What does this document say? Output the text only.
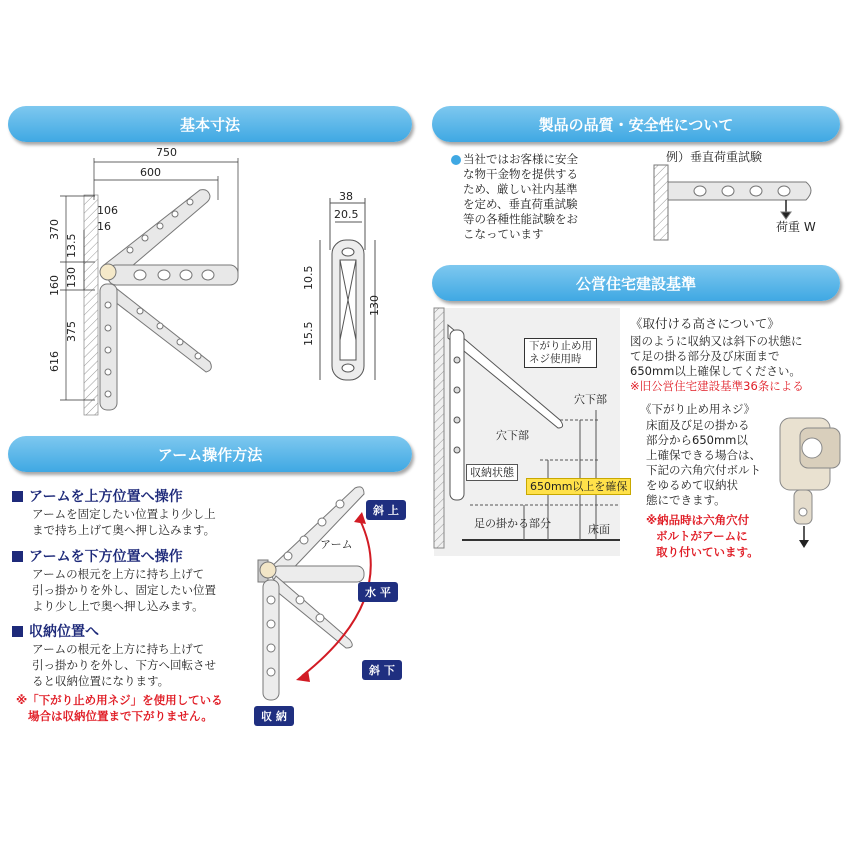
基本寸法	製品の品質・安全性について
アーム操作方法
公営住宅建設基準
750
600
106
16
370
13.5
160 130
375
616
38
20.5
10.5
15.5
130
当社ではお客様に安全
な物干金物を提供する
ため、厳しい社内基準
を定め、垂直荷重試験
等の各種性能試験をお
こなっています
例）垂直荷重試験
荷重 W
アームを上方位置へ操作
アームを固定したい位置より少し上
まで持ち上げて奥へ押し込みます。
アームを下方位置へ操作
アームの根元を上方に持ち上げて
引っ掛かりを外し、固定したい位置
より少し上で奥へ押し込みます。
収納位置へ
アームの根元を上方に持ち上げて
引っ掛かりを外し、下方へ回転させ
ると収納位置になります。
※「下がり止め用ネジ」を使用している
場合は収納位置まで下がりません。
アーム
斜 上
水 平
斜 下
収 納
下がり止め用
ネジ使用時
穴下部
穴下部
収納状態
650mm以上を確保
足の掛かる部分	床面
《取付ける高さについて》
図のように収納又は斜下の状態に
て足の掛る部分及び床面まで
650mm以上確保してください。
※旧公営住宅建設基準36条による
《下がり止め用ネジ》
床面及び足の掛かる
部分から650mm以
上確保できる場合は、
下記の六角穴付ボルト
をゆるめて収納状
態にできます。
※納品時は六角穴付
ボルトがアームに
取り付いています。
